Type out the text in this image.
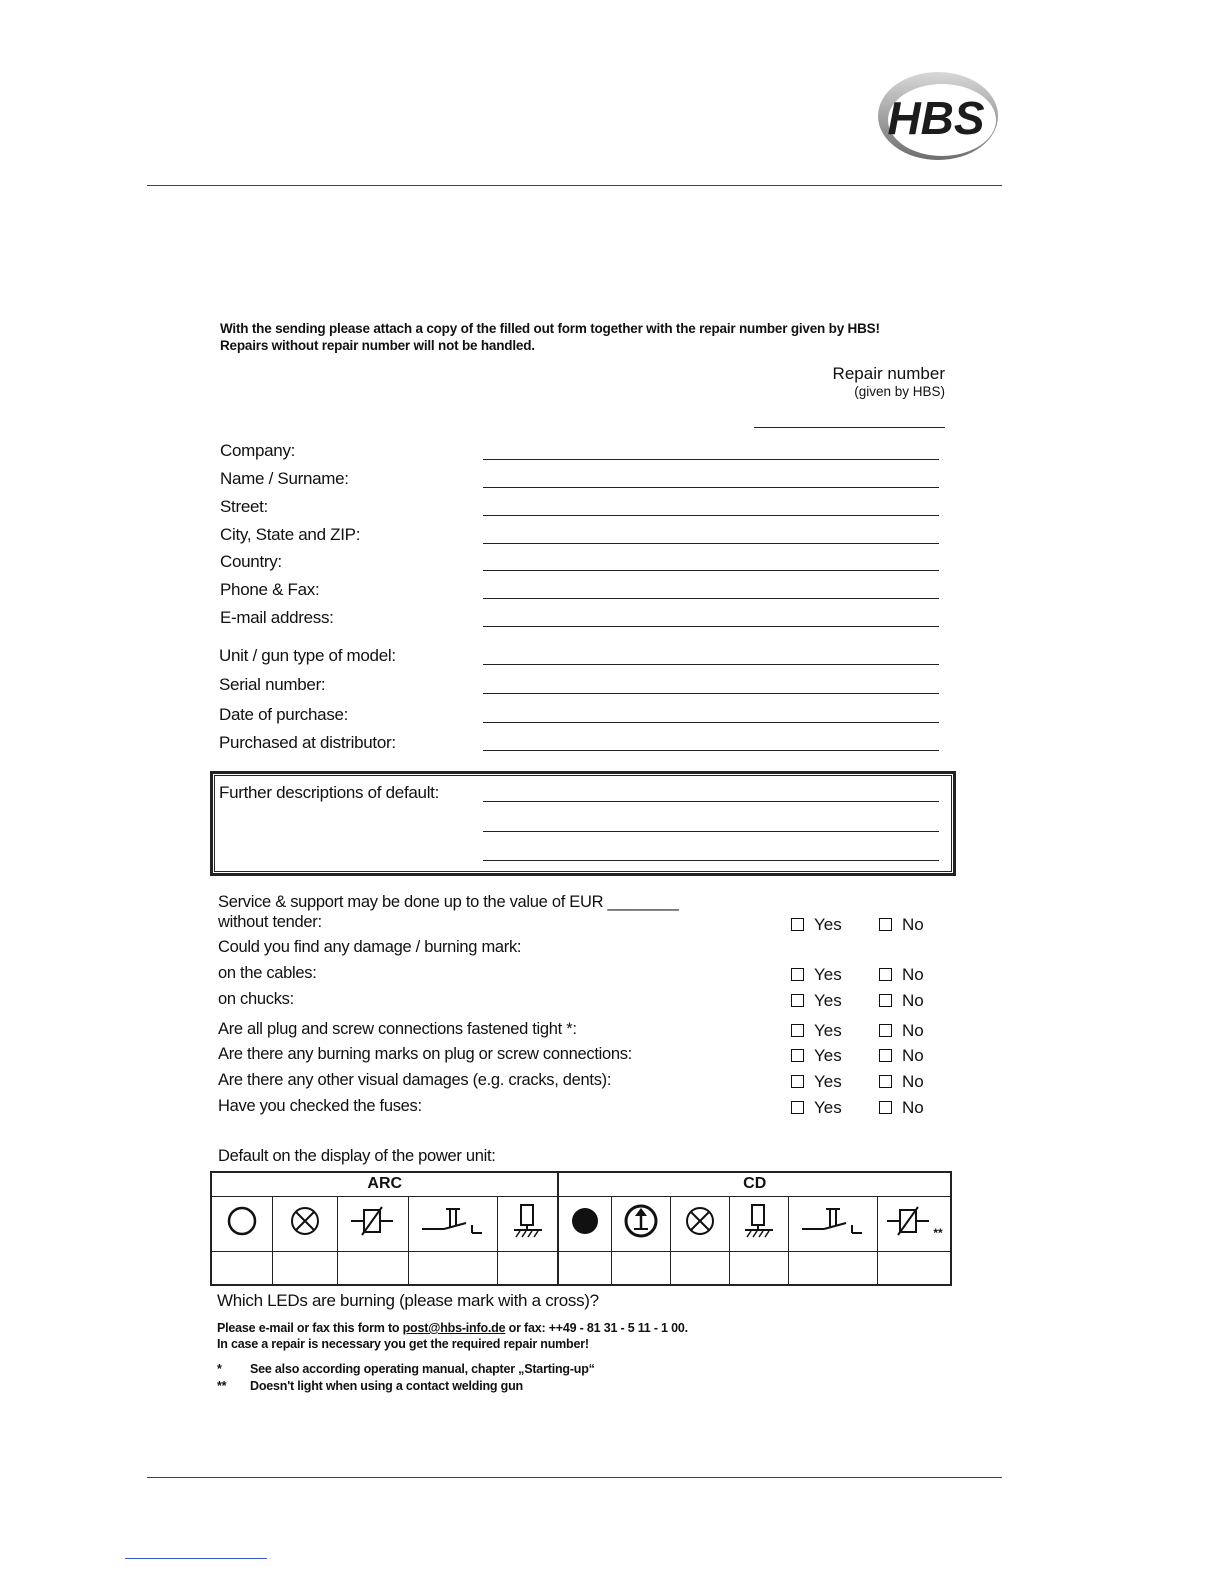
HBS
With the sending please attach a copy of the filled out form together with the repair number given by HBS!
Repairs without repair number will not be handled.
Repair number
(given by HBS)
Company:
Name / Surname:
Street:
City, State and ZIP:
Country:
Phone & Fax:
E-mail address:
Unit / gun type of model:
Serial number:
Date of purchase:
Purchased at distributor:
Further descriptions of default:
Service & support may be done up to the value of EUR ________
without tender:	Yes	No
Could you find any damage / burning mark:
on the cables:	Yes	No
on chucks:	Yes	No
Are all plug and screw connections fastened tight *:	Yes	No
Are there any burning marks on plug or screw connections:	Yes	No
Are there any other visual damages (e.g. cracks, dents):	Yes	No
Have you checked the fuses:	Yes	No
Default on the display of the power unit:
ARC					CD					
										**

Which LEDs are burning (please mark with a cross)?
Please e-mail or fax this form to post@hbs-info.de or fax: ++49 - 81 31 - 5 11 - 1 00.
In case a repair is necessary you get the required repair number!
* See also according operating manual, chapter „Starting-up“
** Doesn't light when using a contact welding gun
